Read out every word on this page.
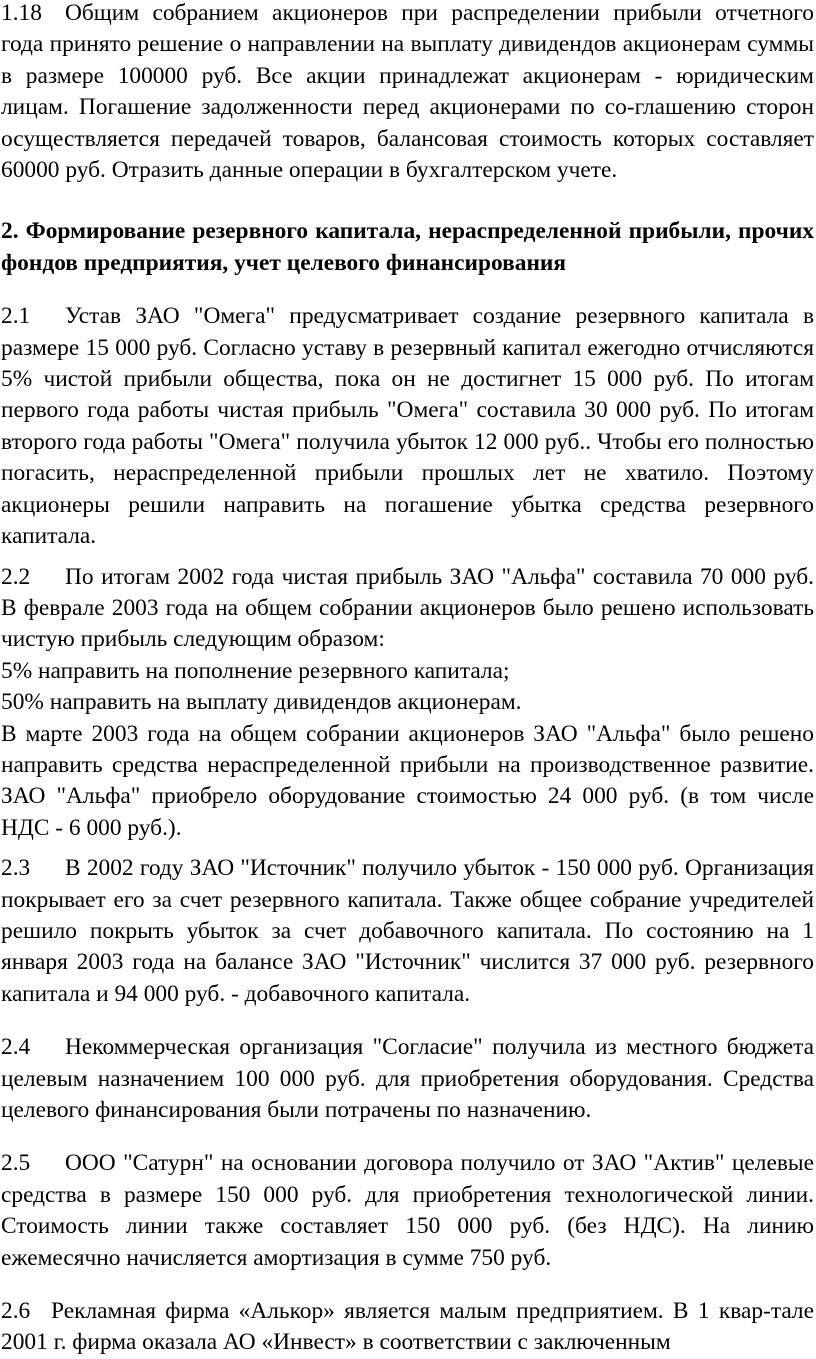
1.18 Общим собранием акционеров при распределении прибыли отчетного года принято решение о направлении на выплату дивидендов акционерам суммы в размере 100000 руб. Все акции принадлежат акционерам - юридическим лицам. Погашение задолженности перед акционерами по со-глашению сторон осуществляется передачей товаров, балансовая стоимость которых составляет 60000 руб. Отразить данные операции в бухгалтерском учете.

2. Формирование резервного капитала, нераспределенной прибыли, прочих фондов предприятия, учет целевого финансирования

2.1 Устав ЗАО "Омега" предусматривает создание резервного капитала в размере 15 000 руб. Согласно уставу в резервный капитал ежегодно отчисляются 5% чистой прибыли общества, пока он не достигнет 15 000 руб. По итогам первого года работы чистая прибыль "Омега" составила 30 000 руб. По итогам второго года работы "Омега" получила убыток 12 000 руб.. Чтобы его полностью погасить, нераспределенной прибыли прошлых лет не хватило. Поэтому акционеры решили направить на погашение убытка средства резервного капитала.

2.2 По итогам 2002 года чистая прибыль ЗАО "Альфа" составила 70 000 руб. В феврале 2003 года на общем собрании акционеров было решено использовать чистую прибыль следующим образом:

5% направить на пополнение резервного капитала;

50% направить на выплату дивидендов акционерам.

В марте 2003 года на общем собрании акционеров ЗАО "Альфа" было решено направить средства нераспределенной прибыли на производственное развитие. ЗАО "Альфа" приобрело оборудование стоимостью 24 000 руб. (в том числе НДС - 6 000 руб.).

2.3 В 2002 году ЗАО "Источник" получило убыток - 150 000 руб. Организация покрывает его за счет резервного капитала. Также общее собрание учредителей решило покрыть убыток за счет добавочного капитала. По состоянию на 1 января 2003 года на балансе ЗАО "Источник" числится 37 000 руб. резервного капитала и 94 000 руб. - добавочного капитала.

2.4 Некоммерческая организация "Согласие" получила из местного бюджета целевым назначением 100 000 руб. для приобретения оборудования. Средства целевого финансирования были потрачены по назначению.

2.5 ООО "Сатурн" на основании договора получило от ЗАО "Актив" целевые средства в размере 150 000 руб. для приобретения технологической линии. Стоимость линии также составляет 150 000 руб. (без НДС). На линию ежемесячно начисляется амортизация в сумме 750 руб.

2.6 Рекламная фирма «Алькор» является малым предприятием. В 1 квар-тале 2001 г. фирма оказала АО «Инвест» в соответствии с заключенным
